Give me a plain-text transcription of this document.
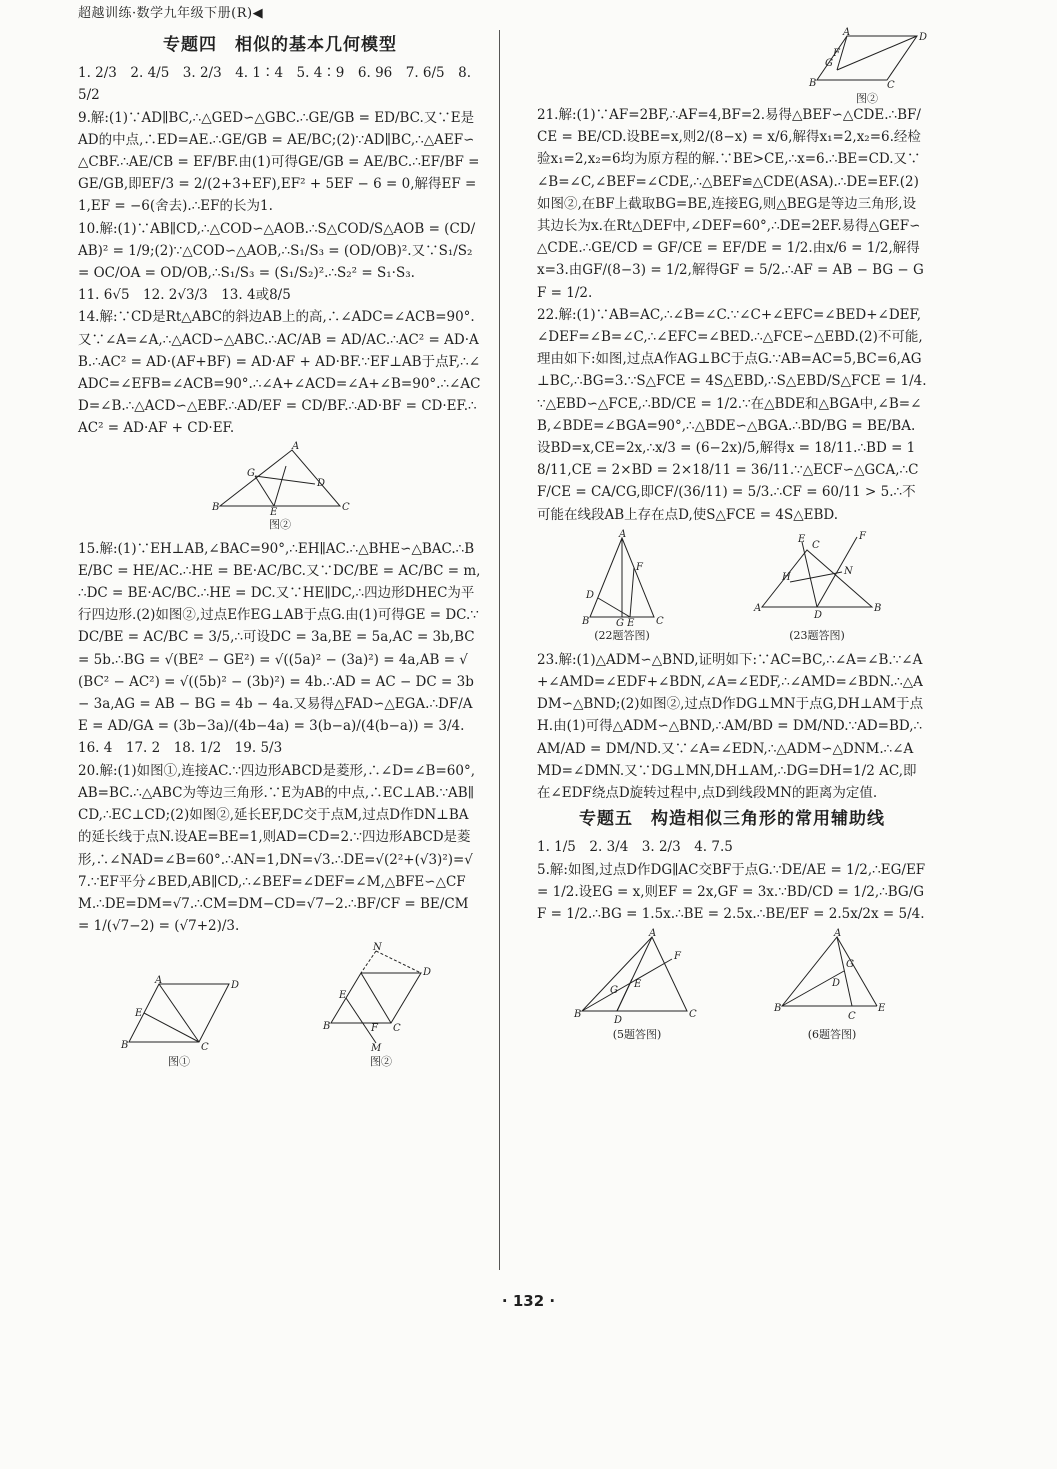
超越训练·数学九年级下册(R)◀
专题四　相似的基本几何模型

1. 2/3　2. 4/5　3. 2/3　4. 1∶4　5. 4∶9　6. 96　7. 6/5　8. 5/2

9.解:(1)∵AD∥BC,∴△GED∽△GBC.∴GE/GB = ED/BC.又∵E是AD的中点,∴ED=AE.∴GE/GB = AE/BC;(2)∵AD∥BC,∴△AEF∽△CBF.∴AE/CB = EF/BF.由(1)可得GE/GB = AE/BC.∴EF/BF = GE/GB,即EF/3 = 2/(2+3+EF),EF² + 5EF − 6 = 0,解得EF = 1,EF = −6(舍去).∴EF的长为1.

10.解:(1)∵AB∥CD,∴△COD∽△AOB.∴S△COD/S△AOB = (CD/AB)² = 1/9;(2)∵△COD∽△AOB,∴S₁/S₃ = (OD/OB)².又∵S₁/S₂ = OC/OA = OD/OB,∴S₁/S₃ = (S₁/S₂)².∴S₂² = S₁·S₃.

11. 6√5　12. 2√3/3　13. 4或8/5

14.解:∵CD是Rt△ABC的斜边AB上的高,∴∠ADC=∠ACB=90°.又∵∠A=∠A,∴△ACD∽△ABC.∴AC/AB = AD/AC.∴AC² = AD·AB.∴AC² = AD·(AF+BF) = AD·AF + AD·BF.∵EF⊥AB于点F,∴∠ADC=∠EFB=∠ACB=90°.∴∠A+∠ACD=∠A+∠B=90°.∴∠ACD=∠B.∴△ACD∽△EBF.∴AD/EF = CD/BF.∴AD·BF = CD·EF.∴AC² = AD·AF + CD·EF.

B	C
A
G
E
D
图②

15.解:(1)∵EH⊥AB,∠BAC=90°,∴EH∥AC.∴△BHE∽△BAC.∴BE/BC = HE/AC.∴HE = BE·AC/BC.又∵DC/BE = AC/BC = m,∴DC = BE·AC/BC.∴HE = DC.又∵HE∥DC,∴四边形DHEC为平行四边形.(2)如图②,过点E作EG⊥AB于点G.由(1)可得GE = DC.∵DC/BE = AC/BC = 3/5,∴可设DC = 3a,BE = 5a,AC = 3b,BC = 5b.∴BG = √(BE² − GE²) = √((5a)² − (3a)²) = 4a,AB = √(BC² − AC²) = √((5b)² − (3b)²) = 4b.∴AD = AC − DC = 3b − 3a,AG = AB − BG = 4b − 4a.又易得△FAD∽△EGA.∴DF/AE = AD/GA = (3b−3a)/(4b−4a) = 3(b−a)/(4(b−a)) = 3/4.

16. 4　17. 2　18. 1/2　19. 5/3

20.解:(1)如图①,连接AC.∵四边形ABCD是菱形,∴∠D=∠B=60°,AB=BC.∴△ABC为等边三角形.∵E为AB的中点,∴EC⊥AB.∵AB∥CD,∴EC⊥CD;(2)如图②,延长EF,DC交于点M,过点D作DN⊥BA的延长线于点N.设AE=BE=1,则AD=CD=2.∵四边形ABCD是菱形,∴∠NAD=∠B=60°.∴AN=1,DN=√3.∴DE=√(2²+(√3)²)=√7.∵EF平分∠BED,AB∥CD,∴∠BEF=∠DEF=∠M,△BFE∽△CFM.∴DE=DM=√7.∴CM=DM−CD=√7−2.∴BF/CF = BE/CM = 1/(√7−2) = (√7+2)/3.

B	C
D
A
E
图①
B	C
D
N
M
E
F
图②
B	C
D
A
G
F
图②

21.解:(1)∵AF=2BF,∴AF=4,BF=2.易得△BEF∽△CDE.∴BF/CE = BE/CD.设BE=x,则2/(8−x) = x/6,解得x₁=2,x₂=6.经检验x₁=2,x₂=6均为原方程的解.∵BE>CE,∴x=6.∴BE=CD.又∵∠B=∠C,∠BEF=∠CDE,∴△BEF≌△CDE(ASA).∴DE=EF.(2)如图②,在BF上截取BG=BE,连接EG,则△BEG是等边三角形,设其边长为x.在Rt△DEF中,∠DEF=60°,∴DE=2EF.易得△GEF∽△CDE.∴GE/CD = GF/CE = EF/DE = 1/2.由x/6 = 1/2,解得x=3.由GF/(8−3) = 1/2,解得GF = 5/2.∴AF = AB − BG − GF = 1/2.

22.解:(1)∵AB=AC,∴∠B=∠C.∵∠C+∠EFC=∠BED+∠DEF,∠DEF=∠B=∠C,∴∠EFC=∠BED.∴△FCE∽△EBD.(2)不可能,理由如下:如图,过点A作AG⊥BC于点G.∵AB=AC=5,BC=6,AG⊥BC,∴BG=3.∵S△FCE = 4S△EBD,∴S△EBD/S△FCE = 1/4.∵△EBD∽△FCE,∴BD/CE = 1/2.∵在△BDE和△BGA中,∠B=∠B,∠BDE=∠BGA=90°,∴△BDE∽△BGA.∴BD/BG = BE/BA.设BD=x,CE=2x,∴x/3 = (6−2x)/5,解得x = 18/11.∴BD = 18/11,CE = 2×BD = 2×18/11 = 36/11.∵△ECF∽△GCA,∴CF/CE = CA/CG,即CF/(36/11) = 5/3.∴CF = 60/11 > 5.∴不可能在线段AB上存在点D,使S△FCE = 4S△EBD.

B	C
A
D
F
G E
(22题答图)
A	B
D
E	F
C
H
N
(23题答图)

23.解:(1)△ADM∽△BND,证明如下:∵AC=BC,∴∠A=∠B.∵∠A+∠AMD=∠EDF+∠BDN,∠A=∠EDF,∴∠AMD=∠BDN.∴△ADM∽△BND;(2)如图②,过点D作DG⊥MN于点G,DH⊥AM于点H.由(1)可得△ADM∽△BND,∴AM/BD = DM/ND.∵AD=BD,∴AM/AD = DM/ND.又∵∠A=∠EDN,∴△ADM∽△DNM.∴∠AMD=∠DMN.又∵DG⊥MN,DH⊥AM,∴DG=DH=1/2 AC,即在∠EDF绕点D旋转过程中,点D到线段MN的距离为定值.

专题五　构造相似三角形的常用辅助线

1. 1/5　2. 3/4　3. 2/3　4. 7.5

5.解:如图,过点D作DG∥AC交BF于点G.∵DE/AE = 1/2,∴EG/EF = 1/2.设EG = x,则EF = 2x,GF = 3x.∵BD/CD = 1/2,∴BG/GF = 1/2.∴BG = 1.5x.∴BE = 2.5x.∴BE/EF = 2.5x/2x = 5/4.

B	C
A
D
F
E
G
(5题答图)
B
C
A
E
G
D
(6题答图)
· 132 ·
